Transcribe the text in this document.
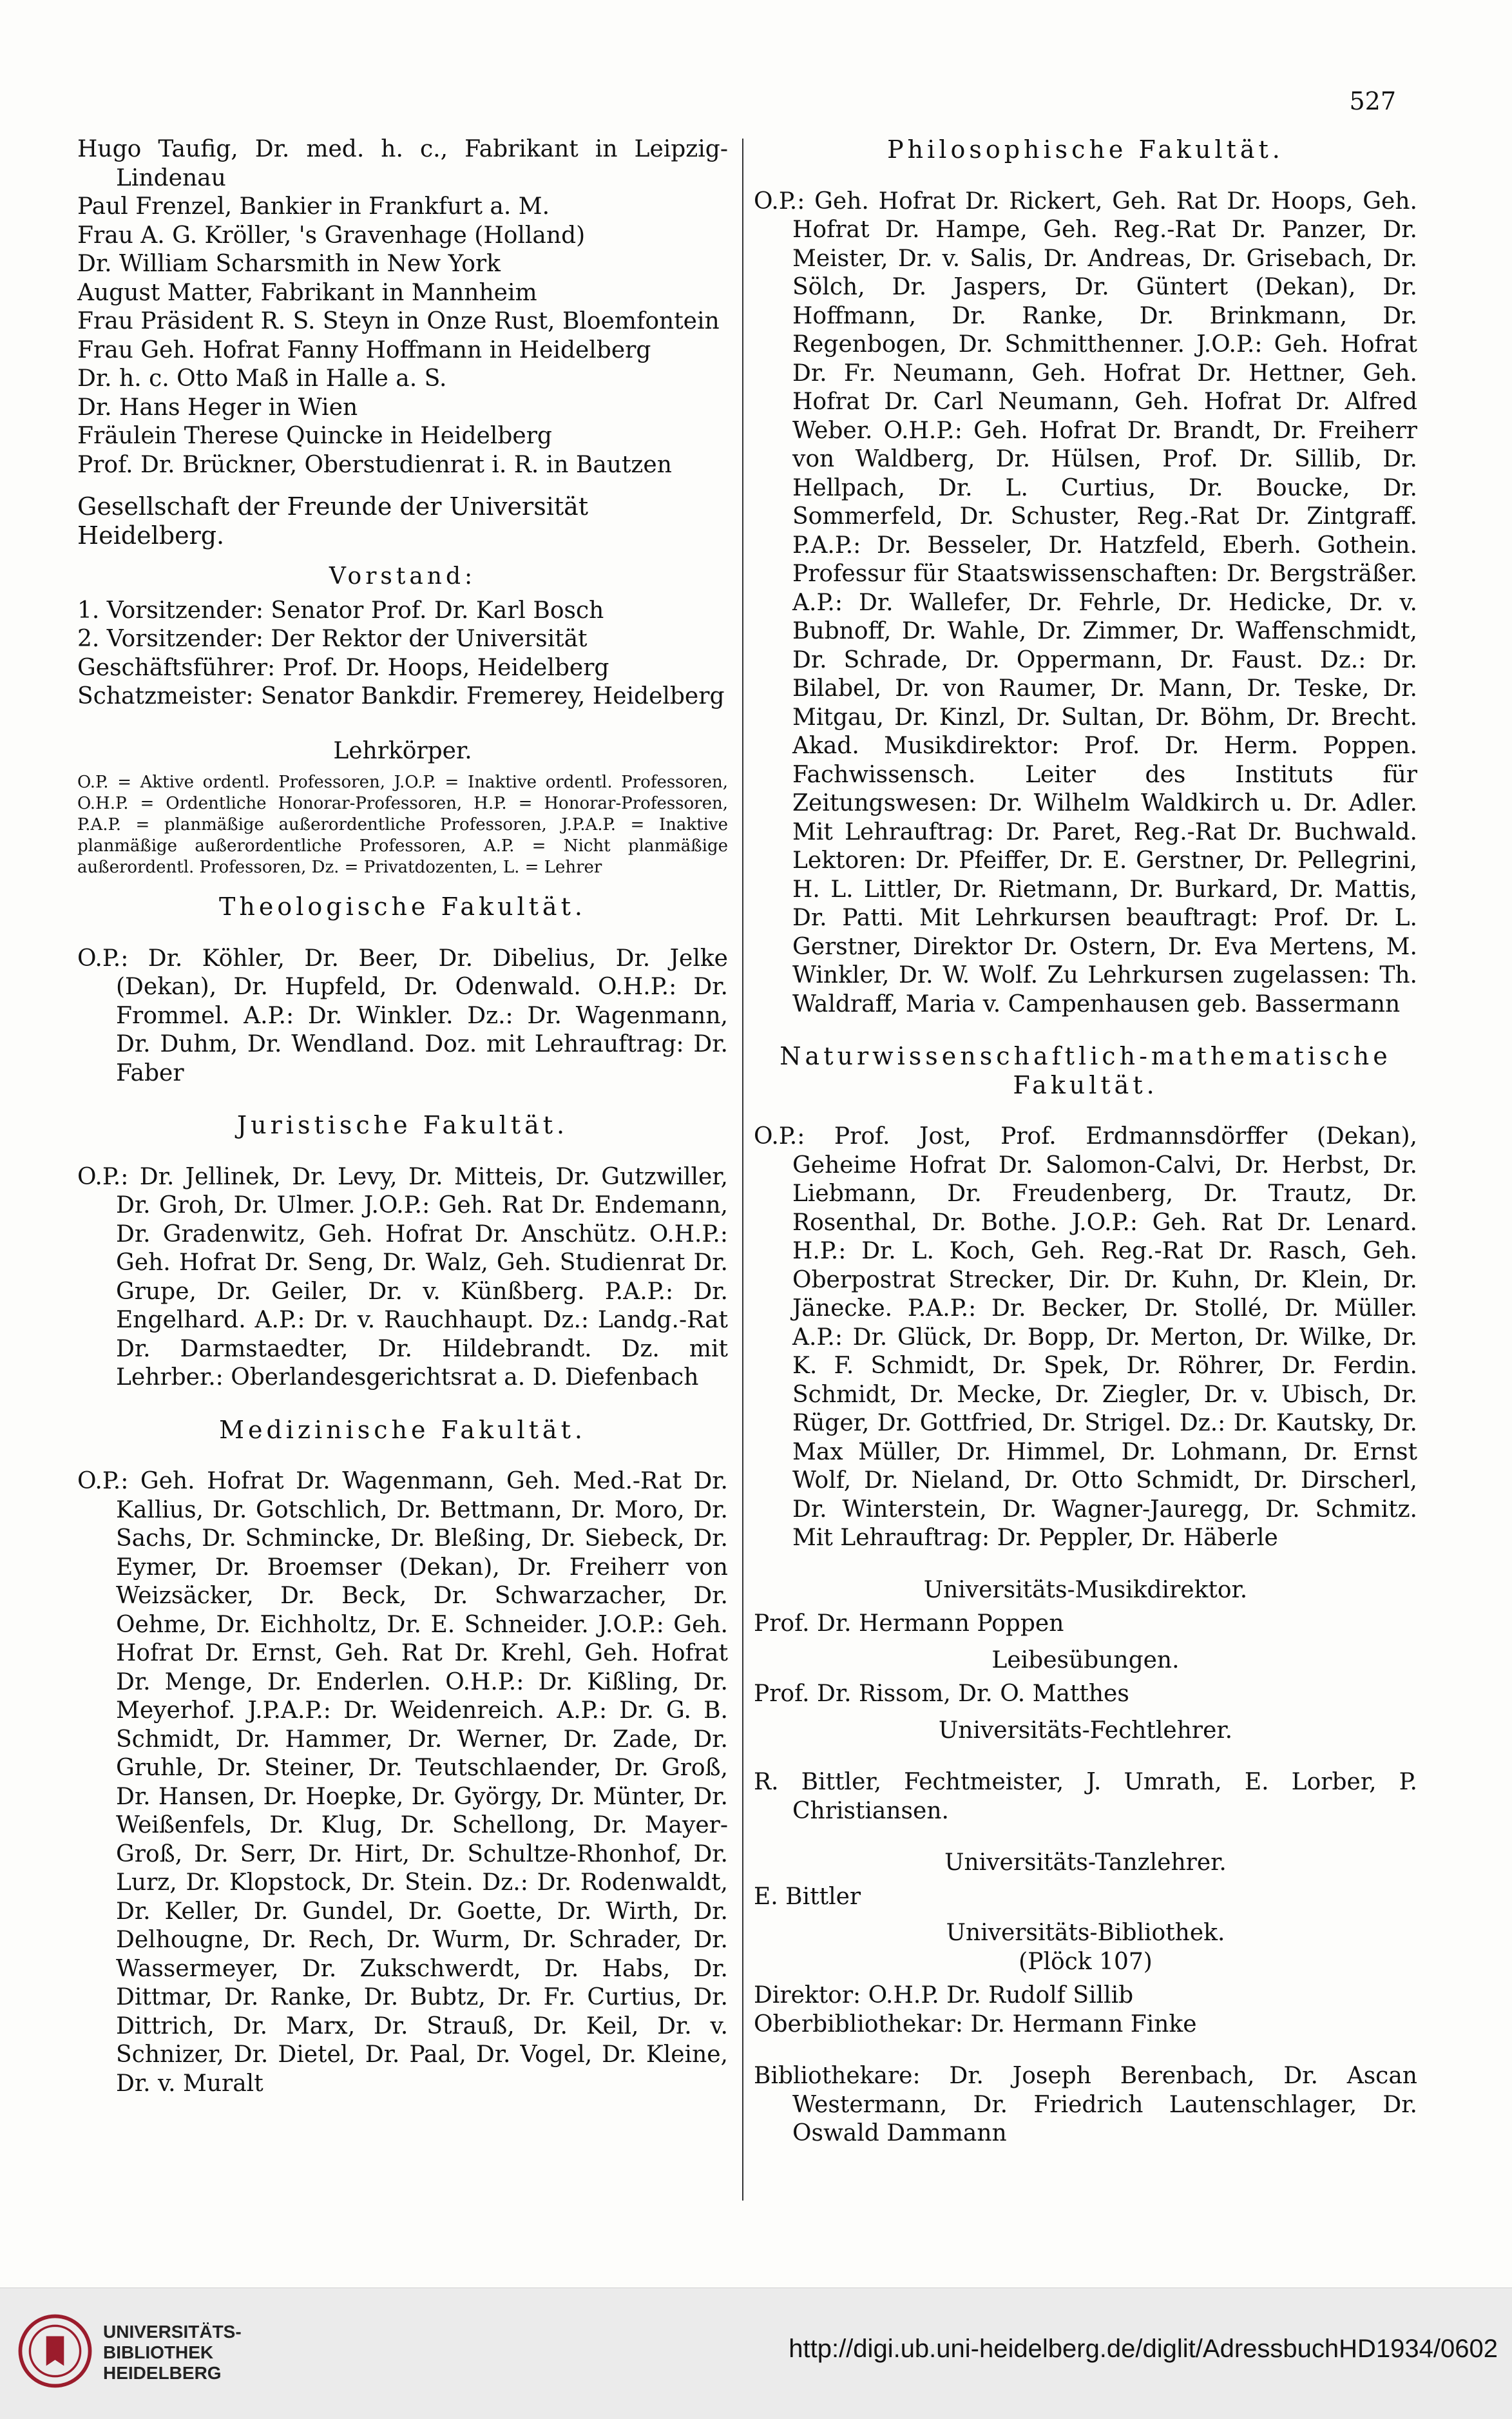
527

Hugo Taufig, Dr. med. h. c., Fabrikant in Leipzig-Lindenau

Paul Frenzel, Bankier in Frankfurt a. M.

Frau A. G. Kröller, 's Gravenhage (Holland)

Dr. William Scharsmith in New York

August Matter, Fabrikant in Mannheim

Frau Präsident R. S. Steyn in Onze Rust, Bloemfontein

Frau Geh. Hofrat Fanny Hoffmann in Heidelberg

Dr. h. c. Otto Maß in Halle a. S.

Dr. Hans Heger in Wien

Fräulein Therese Quincke in Heidelberg

Prof. Dr. Brückner, Oberstudienrat i. R. in Bautzen

Gesellschaft der Freunde der Universität Heidelberg.

Vorstand:

1. Vorsitzender: Senator Prof. Dr. Karl Bosch

2. Vorsitzender: Der Rektor der Universität

Geschäftsführer: Prof. Dr. Hoops, Heidelberg

Schatzmeister: Senator Bankdir. Fremerey, Heidelberg

Lehrkörper.

O.P. = Aktive ordentl. Professoren, J.O.P. = Inaktive ordentl. Professoren, O.H.P. = Ordentliche Honorar-Professoren, H.P. = Honorar-Professoren, P.A.P. = planmäßige außerordentliche Professoren, J.P.A.P. = Inaktive planmäßige außerordentliche Professoren, A.P. = Nicht planmäßige außerordentl. Professoren, Dz. = Privatdozenten, L. = Lehrer

Theologische Fakultät.

O.P.: Dr. Köhler, Dr. Beer, Dr. Dibelius, Dr. Jelke (Dekan), Dr. Hupfeld, Dr. Odenwald. O.H.P.: Dr. Frommel. A.P.: Dr. Winkler. Dz.: Dr. Wagenmann, Dr. Duhm, Dr. Wendland. Doz. mit Lehrauftrag: Dr. Faber

Juristische Fakultät.

O.P.: Dr. Jellinek, Dr. Levy, Dr. Mitteis, Dr. Gutzwiller, Dr. Groh, Dr. Ulmer. J.O.P.: Geh. Rat Dr. Endemann, Dr. Gradenwitz, Geh. Hofrat Dr. Anschütz. O.H.P.: Geh. Hofrat Dr. Seng, Dr. Walz, Geh. Studienrat Dr. Grupe, Dr. Geiler, Dr. v. Künßberg. P.A.P.: Dr. Engelhard. A.P.: Dr. v. Rauchhaupt. Dz.: Landg.-Rat Dr. Darmstaedter, Dr. Hildebrandt. Dz. mit Lehrber.: Oberlandesgerichtsrat a. D. Diefenbach

Medizinische Fakultät.

O.P.: Geh. Hofrat Dr. Wagenmann, Geh. Med.-Rat Dr. Kallius, Dr. Gotschlich, Dr. Bettmann, Dr. Moro, Dr. Sachs, Dr. Schmincke, Dr. Bleßing, Dr. Siebeck, Dr. Eymer, Dr. Broemser (Dekan), Dr. Freiherr von Weizsäcker, Dr. Beck, Dr. Schwarzacher, Dr. Oehme, Dr. Eichholtz, Dr. E. Schneider. J.O.P.: Geh. Hofrat Dr. Ernst, Geh. Rat Dr. Krehl, Geh. Hofrat Dr. Menge, Dr. Enderlen. O.H.P.: Dr. Kißling, Dr. Meyerhof. J.P.A.P.: Dr. Weidenreich. A.P.: Dr. G. B. Schmidt, Dr. Hammer, Dr. Werner, Dr. Zade, Dr. Gruhle, Dr. Steiner, Dr. Teutschlaender, Dr. Groß, Dr. Hansen, Dr. Hoepke, Dr. György, Dr. Münter, Dr. Weißenfels, Dr. Klug, Dr. Schellong, Dr. Mayer-Groß, Dr. Serr, Dr. Hirt, Dr. Schultze-Rhonhof, Dr. Lurz, Dr. Klopstock, Dr. Stein. Dz.: Dr. Rodenwaldt, Dr. Keller, Dr. Gundel, Dr. Goette, Dr. Wirth, Dr. Delhougne, Dr. Rech, Dr. Wurm, Dr. Schrader, Dr. Wassermeyer, Dr. Zukschwerdt, Dr. Habs, Dr. Dittmar, Dr. Ranke, Dr. Bubtz, Dr. Fr. Curtius, Dr. Dittrich, Dr. Marx, Dr. Strauß, Dr. Keil, Dr. v. Schnizer, Dr. Dietel, Dr. Paal, Dr. Vogel, Dr. Kleine, Dr. v. Muralt

Philosophische Fakultät.

O.P.: Geh. Hofrat Dr. Rickert, Geh. Rat Dr. Hoops, Geh. Hofrat Dr. Hampe, Geh. Reg.-Rat Dr. Panzer, Dr. Meister, Dr. v. Salis, Dr. Andreas, Dr. Grisebach, Dr. Sölch, Dr. Jaspers, Dr. Güntert (Dekan), Dr. Hoffmann, Dr. Ranke, Dr. Brinkmann, Dr. Regenbogen, Dr. Schmitthenner. J.O.P.: Geh. Hofrat Dr. Fr. Neumann, Geh. Hofrat Dr. Hettner, Geh. Hofrat Dr. Carl Neumann, Geh. Hofrat Dr. Alfred Weber. O.H.P.: Geh. Hofrat Dr. Brandt, Dr. Freiherr von Waldberg, Dr. Hülsen, Prof. Dr. Sillib, Dr. Hellpach, Dr. L. Curtius, Dr. Boucke, Dr. Sommerfeld, Dr. Schuster, Reg.-Rat Dr. Zintgraff. P.A.P.: Dr. Besseler, Dr. Hatzfeld, Eberh. Gothein. Professur für Staatswissenschaften: Dr. Bergsträßer. A.P.: Dr. Wallefer, Dr. Fehrle, Dr. Hedicke, Dr. v. Bubnoff, Dr. Wahle, Dr. Zimmer, Dr. Waffenschmidt, Dr. Schrade, Dr. Oppermann, Dr. Faust. Dz.: Dr. Bilabel, Dr. von Raumer, Dr. Mann, Dr. Teske, Dr. Mitgau, Dr. Kinzl, Dr. Sultan, Dr. Böhm, Dr. Brecht. Akad. Musikdirektor: Prof. Dr. Herm. Poppen. Fachwissensch. Leiter des Instituts für Zeitungswesen: Dr. Wilhelm Waldkirch u. Dr. Adler. Mit Lehrauftrag: Dr. Paret, Reg.-Rat Dr. Buchwald. Lektoren: Dr. Pfeiffer, Dr. E. Gerstner, Dr. Pellegrini, H. L. Littler, Dr. Rietmann, Dr. Burkard, Dr. Mattis, Dr. Patti. Mit Lehrkursen beauftragt: Prof. Dr. L. Gerstner, Direktor Dr. Ostern, Dr. Eva Mertens, M. Winkler, Dr. W. Wolf. Zu Lehrkursen zugelassen: Th. Waldraff, Maria v. Campenhausen geb. Bassermann

Naturwissenschaftlich-mathematische Fakultät.

O.P.: Prof. Jost, Prof. Erdmannsdörffer (Dekan), Geheime Hofrat Dr. Salomon-Calvi, Dr. Herbst, Dr. Liebmann, Dr. Freudenberg, Dr. Trautz, Dr. Rosenthal, Dr. Bothe. J.O.P.: Geh. Rat Dr. Lenard. H.P.: Dr. L. Koch, Geh. Reg.-Rat Dr. Rasch, Geh. Oberpostrat Strecker, Dir. Dr. Kuhn, Dr. Klein, Dr. Jänecke. P.A.P.: Dr. Becker, Dr. Stollé, Dr. Müller. A.P.: Dr. Glück, Dr. Bopp, Dr. Merton, Dr. Wilke, Dr. K. F. Schmidt, Dr. Spek, Dr. Röhrer, Dr. Ferdin. Schmidt, Dr. Mecke, Dr. Ziegler, Dr. v. Ubisch, Dr. Rüger, Dr. Gottfried, Dr. Strigel. Dz.: Dr. Kautsky, Dr. Max Müller, Dr. Himmel, Dr. Lohmann, Dr. Ernst Wolf, Dr. Nieland, Dr. Otto Schmidt, Dr. Dirscherl, Dr. Winterstein, Dr. Wagner-Jauregg, Dr. Schmitz. Mit Lehrauftrag: Dr. Peppler, Dr. Häberle

Universitäts-Musikdirektor.

Prof. Dr. Hermann Poppen

Leibesübungen.

Prof. Dr. Rissom, Dr. O. Matthes

Universitäts-Fechtlehrer.

R. Bittler, Fechtmeister, J. Umrath, E. Lorber, P. Christiansen.

Universitäts-Tanzlehrer.

E. Bittler

Universitäts-Bibliothek.

(Plöck 107)

Direktor: O.H.P. Dr. Rudolf Sillib

Oberbibliothekar: Dr. Hermann Finke

Bibliothekare: Dr. Joseph Berenbach, Dr. Ascan Westermann, Dr. Friedrich Lautenschlager, Dr. Oswald Dammann

UNIVERSITÄTS-
BIBLIOTHEK
HEIDELBERG
http://digi.ub.uni-heidelberg.de/diglit/AdressbuchHD1934/0602
